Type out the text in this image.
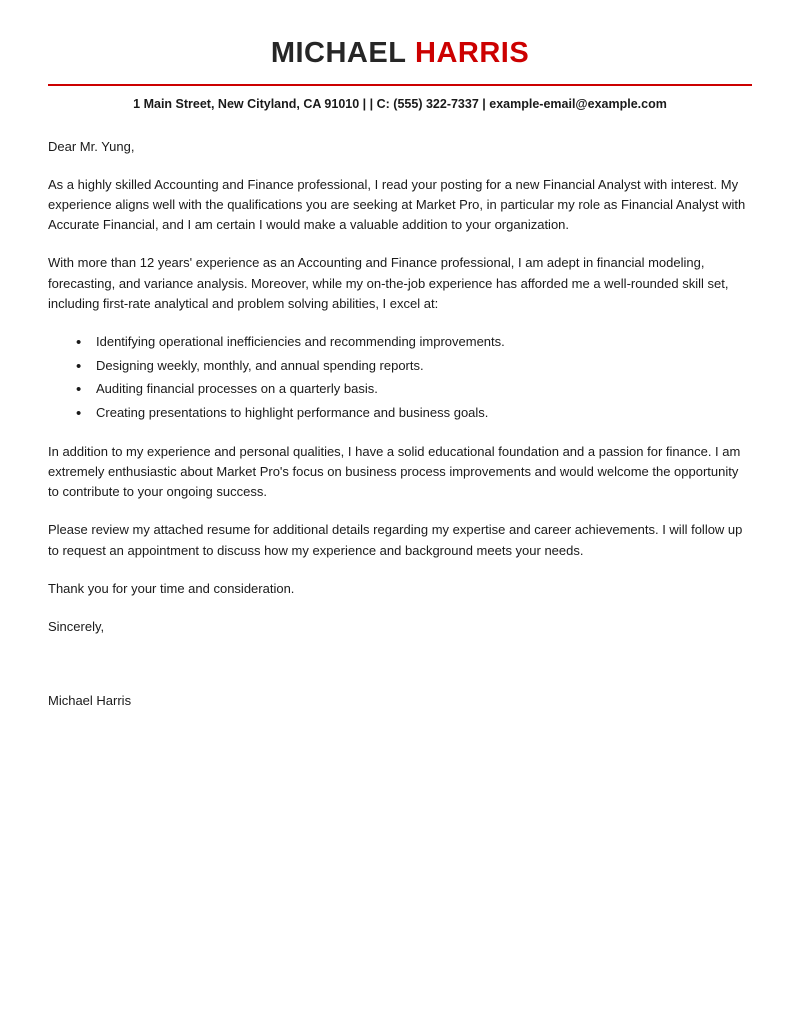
MICHAEL HARRIS
1 Main Street, New Cityland, CA 91010 | | C: (555) 322-7337 | example-email@example.com

Dear Mr. Yung,

As a highly skilled Accounting and Finance professional, I read your posting for a new Financial Analyst with interest. My experience aligns well with the qualifications you are seeking at Market Pro, in particular my role as Financial Analyst with Accurate Financial, and I am certain I would make a valuable addition to your organization.

With more than 12 years' experience as an Accounting and Finance professional, I am adept in financial modeling, forecasting, and variance analysis. Moreover, while my on-the-job experience has afforded me a well-rounded skill set, including first-rate analytical and problem solving abilities, I excel at:

• Identifying operational inefficiencies and recommending improvements.
• Designing weekly, monthly, and annual spending reports.
• Auditing financial processes on a quarterly basis.
• Creating presentations to highlight performance and business goals.

In addition to my experience and personal qualities, I have a solid educational foundation and a passion for finance. I am extremely enthusiastic about Market Pro's focus on business process improvements and would welcome the opportunity to contribute to your ongoing success.

Please review my attached resume for additional details regarding my expertise and career achievements. I will follow up to request an appointment to discuss how my experience and background meets your needs.

Thank you for your time and consideration.

Sincerely,

Michael Harris
